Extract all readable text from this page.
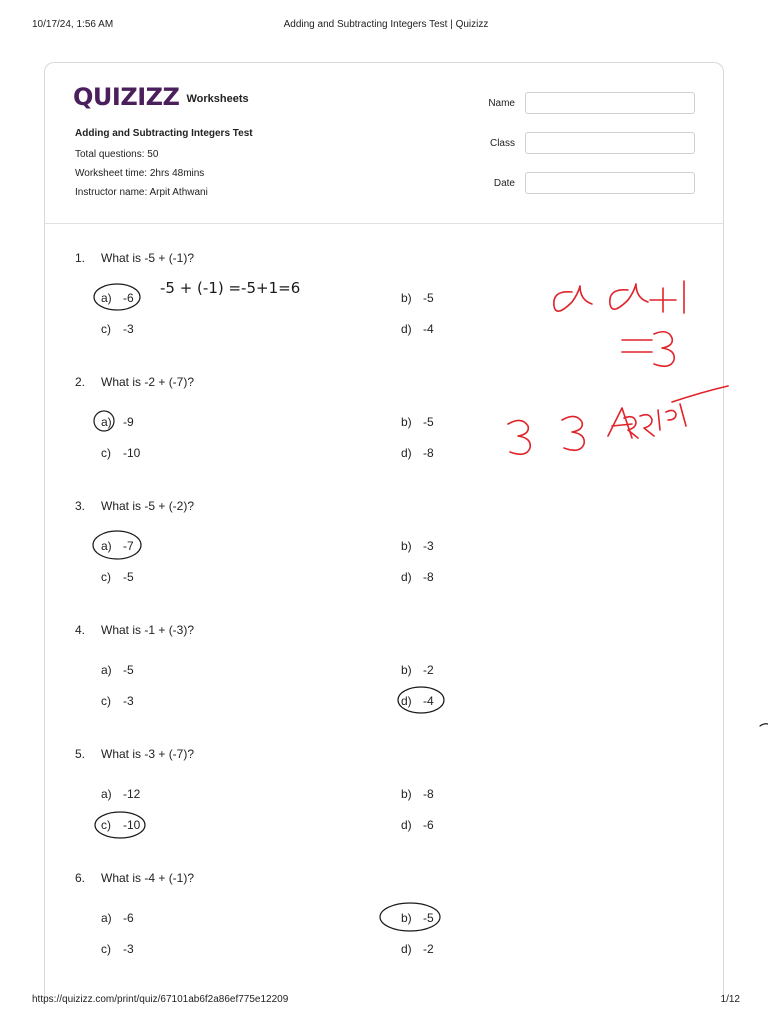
10/17/24, 1:56 AM	Adding and Subtracting Integers Test | Quizizz
QUIZIZZ Worksheets
Adding and Subtracting Integers Test
Total questions: 50
Worksheet time: 2hrs 48mins
Instructor name: Arpit Athwani
Name
Class
Date
1. What is -5 + (-1)?
a) -6	b) -5
c) -3	d) -4
2. What is -2 + (-7)?
a) -9	b) -5
c) -10	d) -8
3. What is -5 + (-2)?
a) -7	b) -3
c) -5	d) -8
4. What is -1 + (-3)?
a) -5	b) -2
c) -3	d) -4
5. What is -3 + (-7)?
a) -12	b) -8
c) -10	d) -6
6. What is -4 + (-1)?
a) -6	b) -5
c) -3	d) -2
-5 + (-1) =-5+1=6
https://quizizz.com/print/quiz/67101ab6f2a86ef775e12209	1/12
